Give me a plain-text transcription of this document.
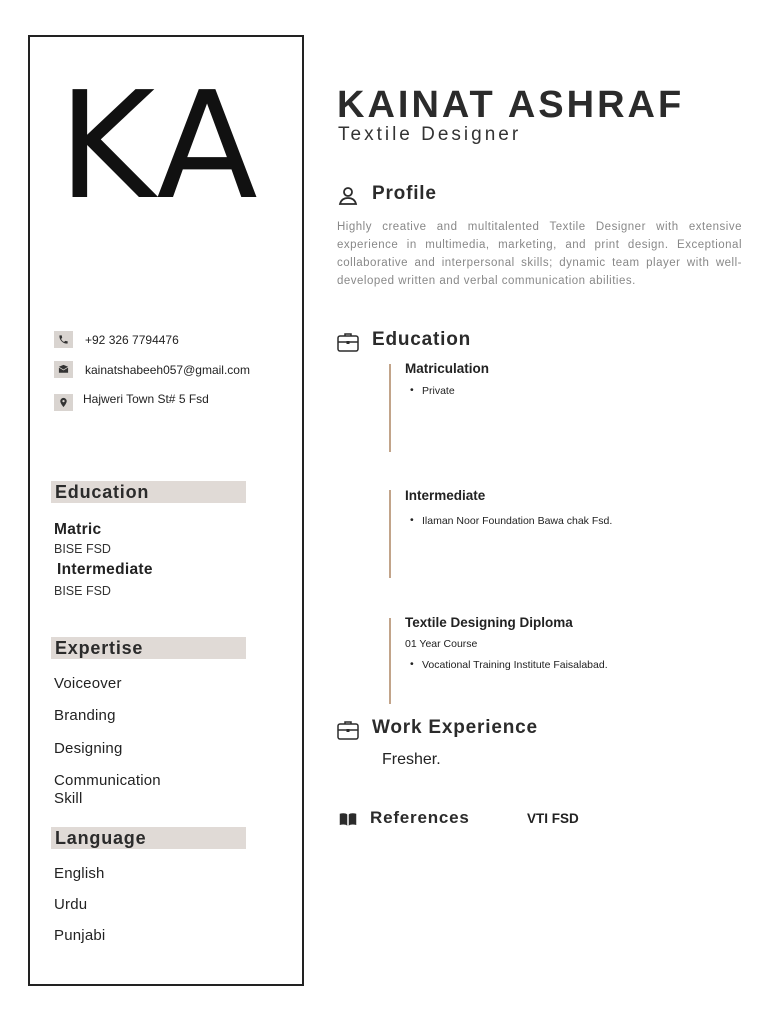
KA
+92 326 7794476
kainatshabeeh057@gmail.com
Hajweri Town St# 5 Fsd
Education
Matric
BISE FSD
Intermediate
BISE FSD
Expertise
Voiceover
Branding
Designing
Communication
Skill
Language
English
Urdu
Punjabi
KAINAT ASHRAF
Textile Designer
Profile
Highly creative and multitalented Textile Designer with extensive experience in multimedia, marketing, and print design. Exceptional collaborative and interpersonal skills; dynamic team player with well-developed written and verbal communication abilities.
Education
Matriculation
• Private
Intermediate
• Ilaman Noor Foundation Bawa chak Fsd.
Textile Designing Diploma
01 Year Course
• Vocational Training Institute Faisalabad.
Work Experience
Fresher.
References	VTI FSD
